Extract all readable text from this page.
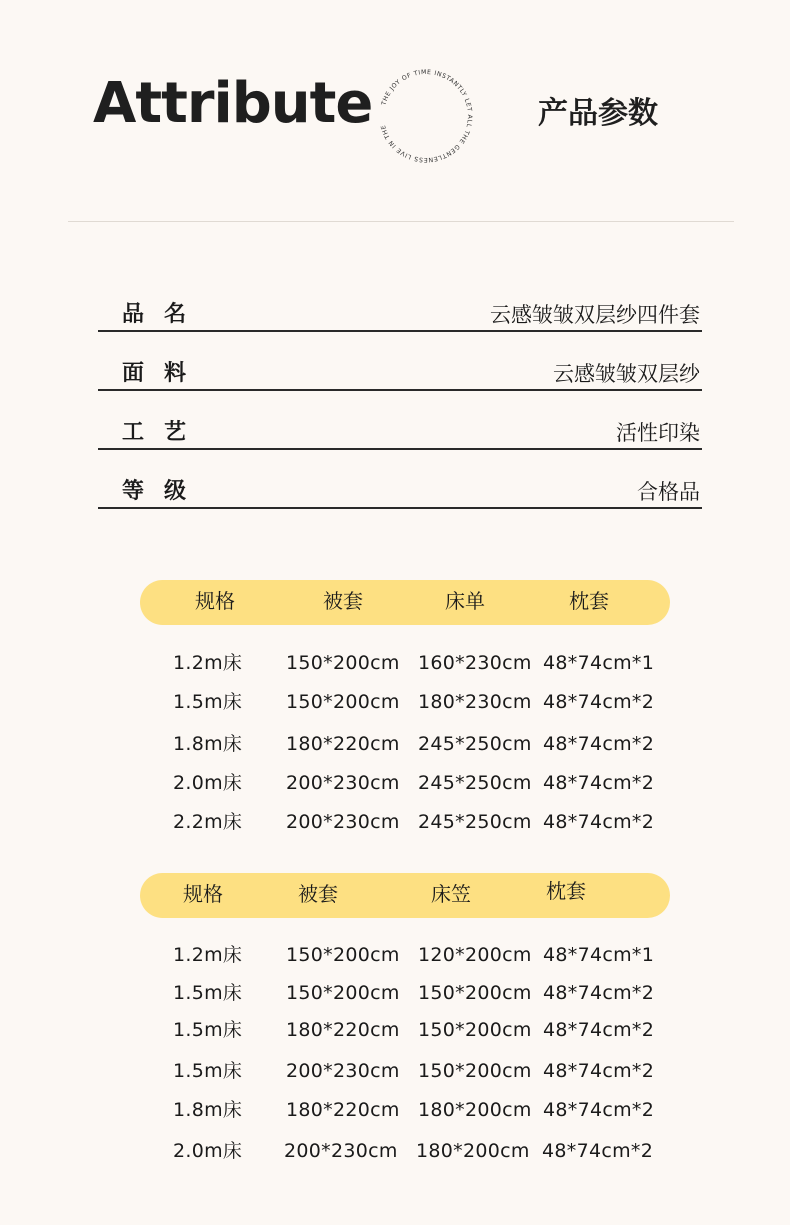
Attribute THE JOY OF TIME INSTANTLY LET ALL THE GENTLENESS LIVE IN THE	产品参数
品名	云感皱皱双层纱四件套
面料	云感皱皱双层纱
工艺	活性印染
等级	合格品
规格	被套	床单	枕套
1.2m床 150*200cm 160*230cm 48*74cm*1
1.5m床 150*200cm 180*230cm 48*74cm*2
1.8m床 180*220cm 245*250cm 48*74cm*2
2.0m床 200*230cm 245*250cm 48*74cm*2
2.2m床 200*230cm 245*250cm 48*74cm*2
规格	被套	床笠	枕套
1.2m床 150*200cm 120*200cm 48*74cm*1
1.5m床 150*200cm 150*200cm 48*74cm*2
1.5m床 180*220cm 150*200cm 48*74cm*2
1.5m床 200*230cm 150*200cm 48*74cm*2
1.8m床 180*220cm 180*200cm 48*74cm*2
2.0m床 200*230cm 180*200cm 48*74cm*2
